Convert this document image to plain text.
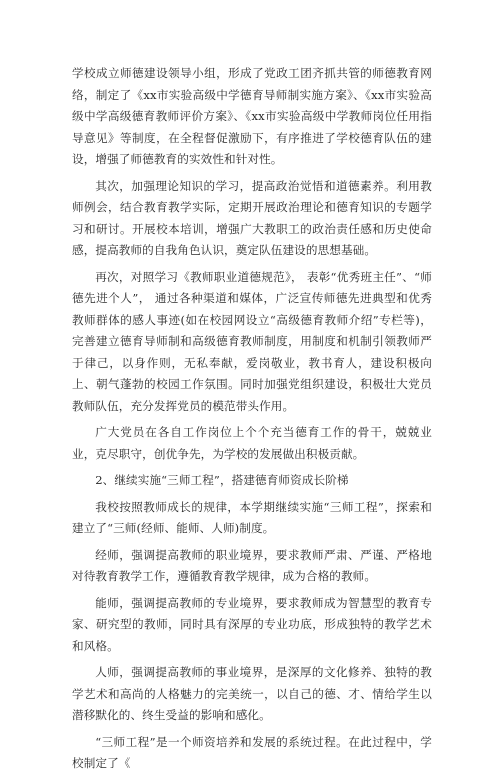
学校成立师德建设领导小组，形成了党政工团齐抓共管的师德教育网络，制定了《xx市实验高级中学德育导师制实施方案》、《xx市实验高级中学高级德育教师评价方案》、《xx市实验高级中学教师岗位任用指导意见》等制度，在全程督促激励下，有序推进了学校德育队伍的建设，增强了师德教育的实效性和针对性。

其次，加强理论知识的学习，提高政治觉悟和道德素养。利用教师例会，结合教育教学实际，定期开展政治理论和德育知识的专题学习和研讨。开展校本培训，增强广大教职工的政治责任感和历史使命感，提高教师的自我角色认识，奠定队伍建设的思想基础。

再次，对照学习《教师职业道德规范》， 表彰“优秀班主任”、“师德先进个人”， 通过各种渠道和媒体，广泛宣传师德先进典型和优秀教师群体的感人事迹(如在校园网设立“高级德育教师介绍”专栏等)，完善建立德育导师制和高级德育教师制度，用制度和机制引领教师严于律己，以身作则，无私奉献，爱岗敬业，教书育人，建设积极向上、朝气蓬勃的校园工作氛围。同时加强党组织建设，积极壮大党员教师队伍，充分发挥党员的模范带头作用。

广大党员在各自工作岗位上个个充当德育工作的骨干，兢兢业业，克尽职守，创优争先，为学校的发展做出积极贡献。

2、继续实施“三师工程”，搭建德育师资成长阶梯

我校按照教师成长的规律，本学期继续实施“三师工程”，探索和建立了“三师(经师、能师、人师)制度。

经师，强调提高教师的职业境界，要求教师严肃、严谨、严格地对待教育教学工作，遵循教育教学规律，成为合格的教师。

能师，强调提高教师的专业境界，要求教师成为智慧型的教育专家、研究型的教师，同时具有深厚的专业功底，形成独特的教学艺术和风格。

人师，强调提高教师的事业境界，是深厚的文化修养、独特的教学艺术和高尚的人格魅力的完美统一，以自己的德、才、情给学生以潜移默化的、终生受益的影响和感化。

“三师工程”是一个师资培养和发展的系统过程。在此过程中，学校制定了《
